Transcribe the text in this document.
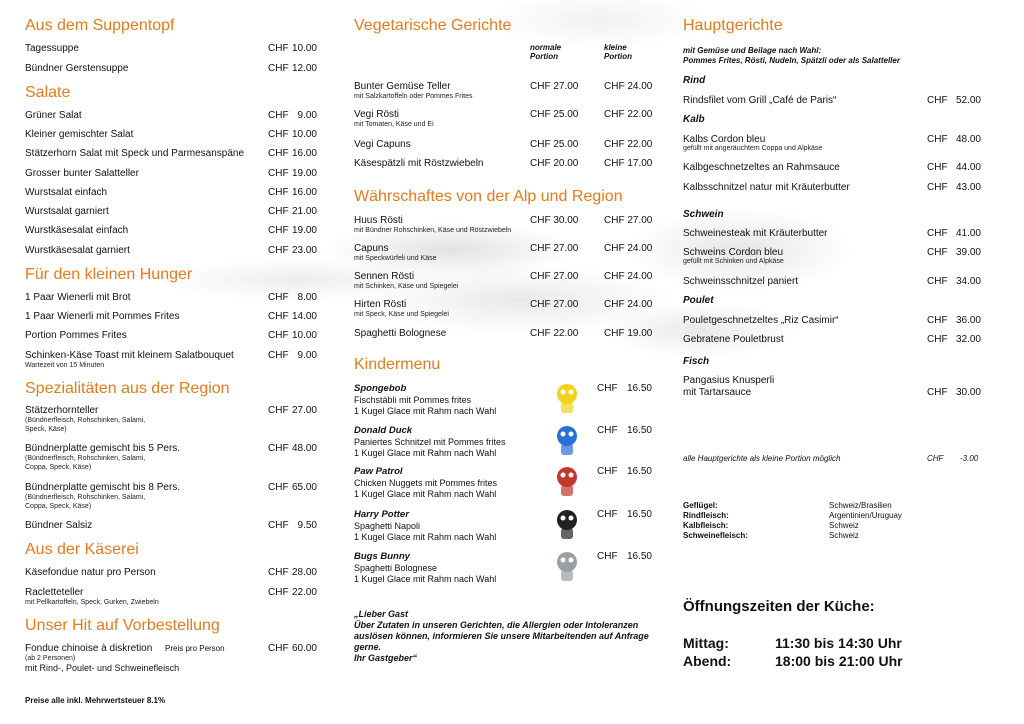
Aus dem Suppentopf
Tagessuppe	CHF 10.00
Bündner Gerstensuppe	CHF 12.00
Salate
Grüner Salat	CHF 9.00
Kleiner gemischter Salat	CHF 10.00
Stätzerhorn Salat mit Speck und Parmesanspäne CHF 16.00
Grosser bunter Salatteller	CHF 19.00
Wurstsalat einfach	CHF 16.00
Wurstsalat garniert	CHF 21.00
Wurstkäsesalat einfach	CHF 19.00
Wurstkäsesalat garniert	CHF 23.00
Für den kleinen Hunger
1 Paar Wienerli mit Brot	CHF 8.00
1 Paar Wienerli mit Pommes Frites	CHF 14.00
Portion Pommes Frites	CHF 10.00
Schinken-Käse Toast mit kleinem Salatbouquet	CHF 9.00
Wartezeit von 15 Minuten
Spezialitäten aus der Region
Stätzerhornteller	CHF 27.00
(Bündnerfleisch, Rohschinken, Salami,
Speck, Käse)
Bündnerplatte gemischt bis 5 Pers.	CHF 48.00
(Bündnerfleisch, Rohschinken, Salami,
Coppa, Speck, Käse)
Bündnerplatte gemischt bis 8 Pers.	CHF 65.00
(Bündnerfleisch, Rohschinken, Salami,
Coppa, Speck, Käse)
Bündner Salsiz	CHF 9.50
Aus der Käserei
Käsefondue natur pro Person	CHF 28.00
Racletteteller	CHF 22.00
mit Pellkartoffeln, Speck, Gurken, Zwiebeln
Unser Hit auf Vorbestellung
Fondue chinoise à diskretion	CHF 60.00
Preis pro Person
(ab 2 Personen)
mit Rind-, Poulet- und Schweinefleisch
Preise alle inkl. Mehrwertsteuer 8.1%
normale
Portion
kleine
Portion
Vegetarische Gerichte
Bunter Gemüse Teller	CHF 27.00	CHF 24.00
mit Salzkartoffeln oder Pommes Frites
Vegi Rösti	CHF 25.00	CHF 22.00
mit Tomaten, Käse und Ei
Vegi Capuns	CHF 25.00	CHF 22.00
Käsespätzli mit Röstzwiebeln	CHF 20.00	CHF 17.00
Währschaftes von der Alp und Region
Huus Rösti	CHF 30.00	CHF 27.00
mit Bündner Rohschinken, Käse und Röstzwiebeln
Capuns	CHF 27.00	CHF 24.00
mit Speckwürfeli und Käse
Sennen Rösti	CHF 27.00	CHF 24.00
mit Schinken, Käse und Spiegelei
Hirten Rösti	CHF 27.00	CHF 24.00
mit Speck, Käse und Spiegelei
Spaghetti Bolognese	CHF 22.00	CHF 19.00
Kindermenu
Spongebob
Fischstäbli mit Pommes frites
1 Kugel Glace mit Rahm nach Wahl
CHF 16.50
Donald Duck
Paniertes Schnitzel mit Pommes frites
1 Kugel Glace mit Rahm nach Wahl
CHF 16.50
Paw Patrol
Chicken Nuggets mit Pommes frites
1 Kugel Glace mit Rahm nach Wahl
CHF 16.50
Harry Potter
Spaghetti Napoli
1 Kugel Glace mit Rahm nach Wahl
CHF 16.50
Bugs Bunny
Spaghetti Bolognese
1 Kugel Glace mit Rahm nach Wahl
CHF 16.50
„Lieber Gast
Über Zutaten in unseren Gerichten, die Allergien oder Intoleranzen auslösen können, informieren Sie unsere Mitarbeitenden auf Anfrage gerne.
Ihr Gastgeber“
Hauptgerichte
mit Gemüse und Beilage nach Wahl:
Pommes Frites, Rösti, Nudeln, Spätzli oder als Salatteller
Rind
Rindsfilet vom Grill „Café de Paris“	CHF 52.00
Kalb
Kalbs Cordon bleu	CHF 48.00
gefüllt mit angeräuchtem Coppa und Alpkäse
Kalbgeschnetzeltes an Rahmsauce	CHF 44.00
Kalbsschnitzel natur mit Kräuterbutter	CHF 43.00
Schwein
Schweinesteak mit Kräuterbutter	CHF 41.00
Schweins Cordon bleu	CHF 39.00
gefüllt mit Schinken und Alpkäse
Schweinsschnitzel paniert	CHF 34.00
Poulet
Pouletgeschnetzeltes „Riz Casimir“	CHF 36.00
Gebratene Pouletbrust	CHF 32.00
Fisch
Pangasius Knusperli
mit Tartarsauce	CHF 30.00
alle Hauptgerichte als kleine Portion möglich	CHF -3.00
Geflügel:	Schweiz/Brasilien
Rindfleisch:	Argentinien/Uruguay
Kalbfleisch:	Schweiz
Schweinefleisch:	Schweiz
Öffnungszeiten der Küche:
Mittag:	11:30 bis 14:30 Uhr
Abend:	18:00 bis 21:00 Uhr
